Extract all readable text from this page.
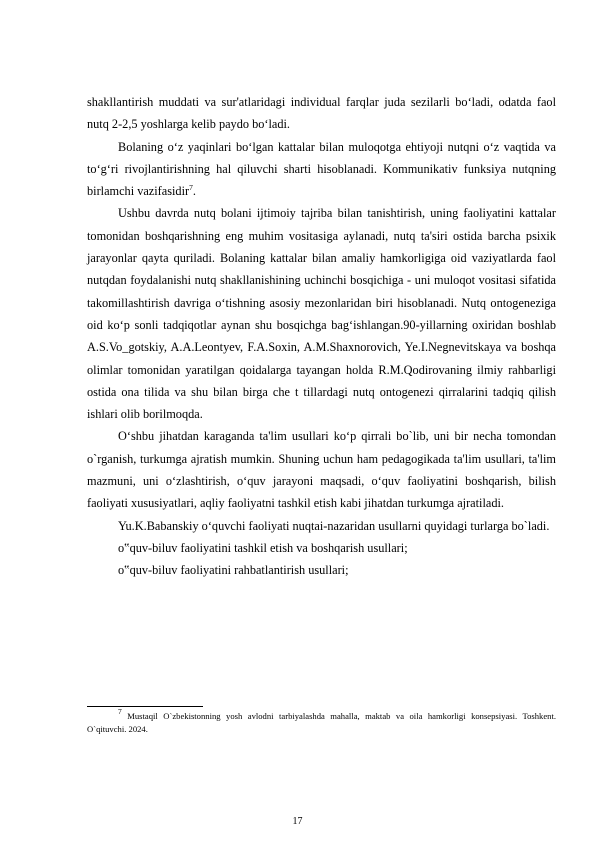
shakllantirish muddati va sur'atlaridagi individual farqlar juda sezilarli bo‘ladi, odatda faol nutq 2-2,5 yoshlarga kelib paydo bo‘ladi.

Bolaning o‘z yaqinlari bo‘lgan kattalar bilan muloqotga ehtiyoji nutqni o‘z vaqtida va to‘g‘ri rivojlantirishning hal qiluvchi sharti hisoblanadi. Kommunikativ funksiya nutqning birlamchi vazifasidir$^7$.

Ushbu davrda nutq bolani ijtimoiy tajriba bilan tanishtirish, uning faoliyatini kattalar tomonidan boshqarishning eng muhim vositasiga aylanadi, nutq ta'siri ostida barcha psixik jarayonlar qayta quriladi. Bolaning kattalar bilan amaliy hamkorligiga oid vaziyatlarda faol nutqdan foydalanishi nutq shakllanishining uchinchi bosqichiga - uni muloqot vositasi sifatida takomillashtirish davriga o‘tishning asosiy mezonlaridan biri hisoblanadi. Nutq ontogeneziga oid ko‘p sonli tadqiqotlar aynan shu bosqichga bag‘ishlangan.90-yillarning oxiridan boshlab A.S.Vo_gotskiy, A.A.Leontyev, F.A.Soxin, A.M.Shaxnorovich, Ye.I.Negnevitskaya va boshqa olimlar tomonidan yaratilgan qoidalarga tayangan holda R.M.Qodirovaning ilmiy rahbarligi ostida ona tilida va shu bilan birga che t tillardagi nutq ontogenezi qirralarini tadqiq qilish ishlari olib borilmoqda.

O‘shbu jihatdan karaganda ta'lim usullari ko‘p qirrali bo`lib, uni bir necha tomondan o`rganish, turkumga ajratish mumkin. Shuning uchun ham pedagogikada ta'lim usullari, ta'lim mazmuni, uni o‘zlashtirish, o‘quv jarayoni maqsadi, o‘quv faoliyatini boshqarish, bilish faoliyati xususiyatlari, aqliy faoliyatni tashkil etish kabi jihatdan turkumga ajratiladi.

Yu.K.Babanskiy o‘quvchi faoliyati nuqtai-nazaridan usullarni quyidagi turlarga bo`ladi.

o‟quv-biluv faoliyatini tashkil etish va boshqarish usullari;

o‟quv-biluv faoliyatini rahbatlantirish usullari;

$^7$ Mustaqil O`zbekistonning yosh avlodni tarbiyalashda mahalla, maktab va oila hamkorligi konsepsiyasi. Toshkent. O`qituvchi. 2024.
17
